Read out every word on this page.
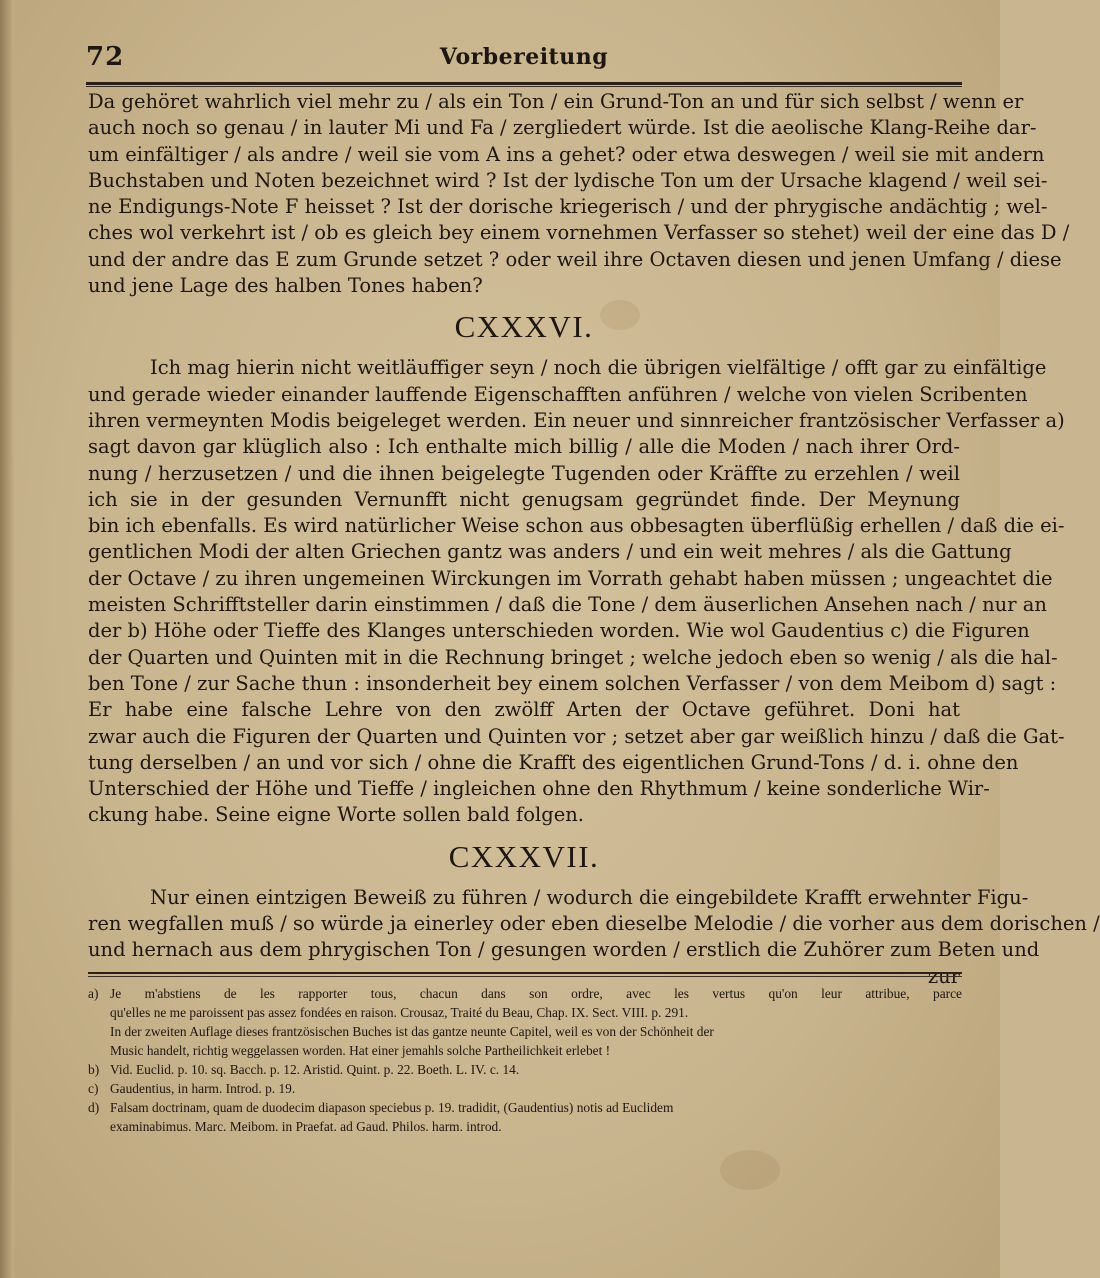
72	Vorbereitung
Da gehöret wahrlich viel mehr zu / als ein Ton / ein Grund-Ton an und für sich selbst / wenn er
auch noch so genau / in lauter Mi und Fa / zergliedert würde. Ist die aeolische Klang-Reihe dar-
um einfältiger / als andre / weil sie vom A ins a gehet? oder etwa deswegen / weil sie mit andern
Buchstaben und Noten bezeichnet wird ? Ist der lydische Ton um der Ursache klagend / weil sei-
ne Endigungs-Note F heisset ? Ist der dorische kriegerisch / und der phrygische andächtig ; wel-
ches wol verkehrt ist / ob es gleich bey einem vornehmen Verfasser so stehet) weil der eine das D /
und der andre das E zum Grunde setzet ? oder weil ihre Octaven diesen und jenen Umfang / diese
und jene Lage des halben Tones haben?
CXXXVI.
Ich mag hierin nicht weitläuffiger seyn / noch die übrigen vielfältige / offt gar zu einfältige
und gerade wieder einander lauffende Eigenschafften anführen / welche von vielen Scribenten
ihren vermeynten Modis beigeleget werden. Ein neuer und sinnreicher frantzösischer Verfasser a)
sagt davon gar klüglich also : Ich enthalte mich billig / alle die Moden / nach ihrer Ord-
nung / herzusetzen / und die ihnen beigelegte Tugenden oder Kräffte zu erzehlen / weil
ich sie in der gesunden Vernunfft nicht genugsam gegründet finde. Der Meynung
bin ich ebenfalls. Es wird natürlicher Weise schon aus obbesagten überflüßig erhellen / daß die ei-
gentlichen Modi der alten Griechen gantz was anders / und ein weit mehres / als die Gattung
der Octave / zu ihren ungemeinen Wirckungen im Vorrath gehabt haben müssen ; ungeachtet die
meisten Schrifftsteller darin einstimmen / daß die Tone / dem äuserlichen Ansehen nach / nur an
der b) Höhe oder Tieffe des Klanges unterschieden worden. Wie wol Gaudentius c) die Figuren
der Quarten und Quinten mit in die Rechnung bringet ; welche jedoch eben so wenig / als die hal-
ben Tone / zur Sache thun : insonderheit bey einem solchen Verfasser / von dem Meibom d) sagt :
Er habe eine falsche Lehre von den zwölff Arten der Octave geführet. Doni hat
zwar auch die Figuren der Quarten und Quinten vor ; setzet aber gar weißlich hinzu / daß die Gat-
tung derselben / an und vor sich / ohne die Krafft des eigentlichen Grund-Tons / d. i. ohne den
Unterschied der Höhe und Tieffe / ingleichen ohne den Rhythmum / keine sonderliche Wir-
ckung habe. Seine eigne Worte sollen bald folgen.
CXXXVII.
Nur einen eintzigen Beweiß zu führen / wodurch die eingebildete Krafft erwehnter Figu-
ren wegfallen muß / so würde ja einerley oder eben dieselbe Melodie / die vorher aus dem dorischen /
und hernach aus dem phrygischen Ton / gesungen worden / erstlich die Zuhörer zum Beten und
a) Je m'abstiens de les rapporter tous, chacun dans son ordre, avec les vertus qu'on leur attribue, parce
qu'elles ne me paroissent pas assez fondées en raison. Crousaz, Traité du Beau, Chap. IX. Sect. VIII. p. 291.
In der zweiten Auflage dieses frantzösischen Buches ist das gantze neunte Capitel, weil es von der Schönheit der
Music handelt, richtig weggelassen worden. Hat einer jemahls solche Partheilichkeit erlebet !
b) Vid. Euclid. p. 10. sq. Bacch. p. 12. Aristid. Quint. p. 22. Boeth. L. IV. c. 14.
c) Gaudentius, in harm. Introd. p. 19.
d) Falsam doctrinam, quam de duodecim diapason speciebus p. 19. tradidit, (Gaudentius) notis ad Euclidem
examinabimus. Marc. Meibom. in Praefat. ad Gaud. Philos. harm. introd.
